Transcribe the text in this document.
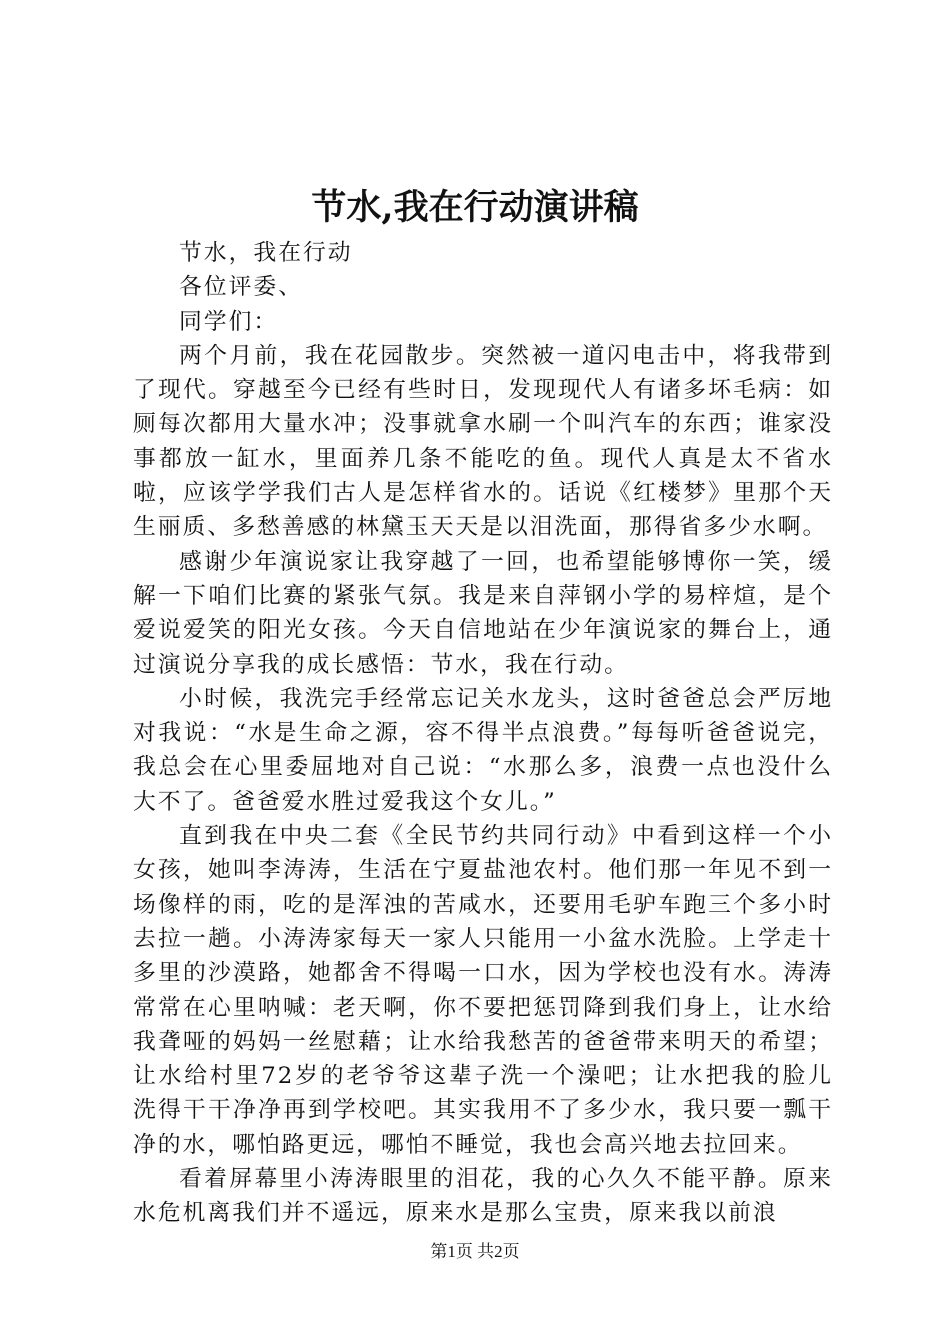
节水,我在行动演讲稿

节水，我在行动

各位评委、

同学们：

两个月前，我在花园散步。突然被一道闪电击中，将我带到了现代。穿越至今已经有些时日，发现现代人有诸多坏毛病：如厕每次都用大量水冲；没事就拿水刷一个叫汽车的东西；谁家没事都放一缸水，里面养几条不能吃的鱼。现代人真是太不省水啦，应该学学我们古人是怎样省水的。话说《红楼梦》里那个天生丽质、多愁善感的林黛玉天天是以泪洗面，那得省多少水啊。

感谢少年演说家让我穿越了一回，也希望能够博你一笑，缓解一下咱们比赛的紧张气氛。我是来自萍钢小学的易梓煊，是个爱说爱笑的阳光女孩。今天自信地站在少年演说家的舞台上，通过演说分享我的成长感悟：节水，我在行动。

小时候，我洗完手经常忘记关水龙头，这时爸爸总会严厉地对我说：“水是生命之源，容不得半点浪费。”每每听爸爸说完，我总会在心里委屈地对自己说：“水那么多，浪费一点也没什么大不了。爸爸爱水胜过爱我这个女儿。”

直到我在中央二套《全民节约共同行动》中看到这样一个小女孩，她叫李涛涛，生活在宁夏盐池农村。他们那一年见不到一场像样的雨，吃的是浑浊的苦咸水，还要用毛驴车跑三个多小时去拉一趟。小涛涛家每天一家人只能用一小盆水洗脸。上学走十多里的沙漠路，她都舍不得喝一口水，因为学校也没有水。涛涛常常在心里呐喊：老天啊，你不要把惩罚降到我们身上，让水给我聋哑的妈妈一丝慰藉；让水给我愁苦的爸爸带来明天的希望；让水给村里72岁的老爷爷这辈子洗一个澡吧；让水把我的脸儿洗得干干净净再到学校吧。其实我用不了多少水，我只要一瓢干净的水，哪怕路更远，哪怕不睡觉，我也会高兴地去拉回来。

看着屏幕里小涛涛眼里的泪花，我的心久久不能平静。原来水危机离我们并不遥远，原来水是那么宝贵，原来我以前浪

第1页 共2页
